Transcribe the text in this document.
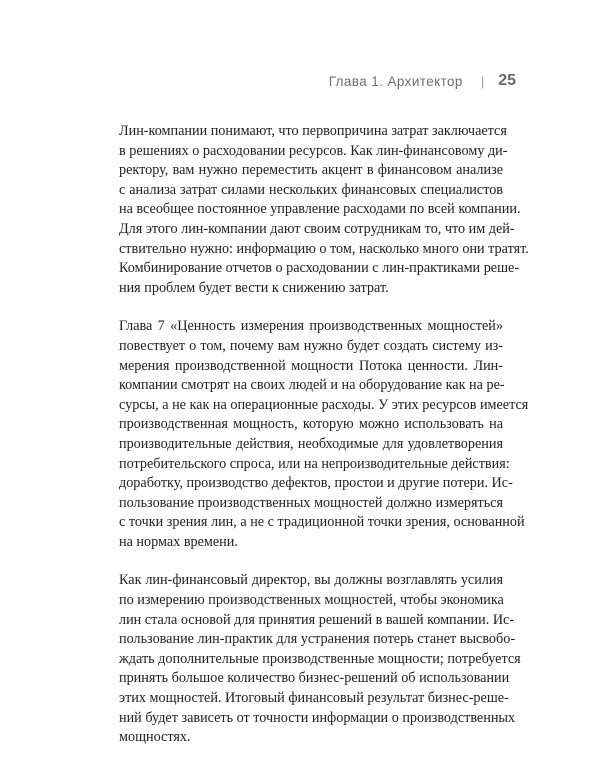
Глава 1. Архитектор | 25
Лин-компании понимают, что первопричина затрат заключается
в решениях о расходовании ресурсов. Как лин-финансовому ди-
ректору, вам нужно переместить акцент в финансовом анализе
с анализа затрат силами нескольких финансовых специалистов
на всеобщее постоянное управление расходами по всей компании.
Для этого лин-компании дают своим сотрудникам то, что им дей-
ствительно нужно: информацию о том, насколько много они тратят.
Комбинирование отчетов о расходовании с лин-практиками реше-
ния проблем будет вести к снижению затрат.
Глава 7 «Ценность измерения производственных мощностей»
повествует о том, почему вам нужно будет создать систему из-
мерения производственной мощности Потока ценности. Лин-
компании смотрят на своих людей и на оборудование как на ре-
сурсы, а не как на операционные расходы. У этих ресурсов имеется
производственная мощность, которую можно использовать на
производительные действия, необходимые для удовлетворения
потребительского спроса, или на непроизводительные действия:
доработку, производство дефектов, простои и другие потери. Ис-
пользование производственных мощностей должно измеряться
с точки зрения лин, а не с традиционной точки зрения, основанной
на нормах времени.
Как лин-финансовый директор, вы должны возглавлять усилия
по измерению производственных мощностей, чтобы экономика
лин стала основой для принятия решений в вашей компании. Ис-
пользование лин-практик для устранения потерь станет высвобо-
ждать дополнительные производственные мощности; потребуется
принять большое количество бизнес-решений об использовании
этих мощностей. Итоговый финансовый результат бизнес-реше-
ний будет зависеть от точности информации о производственных
мощностях.
